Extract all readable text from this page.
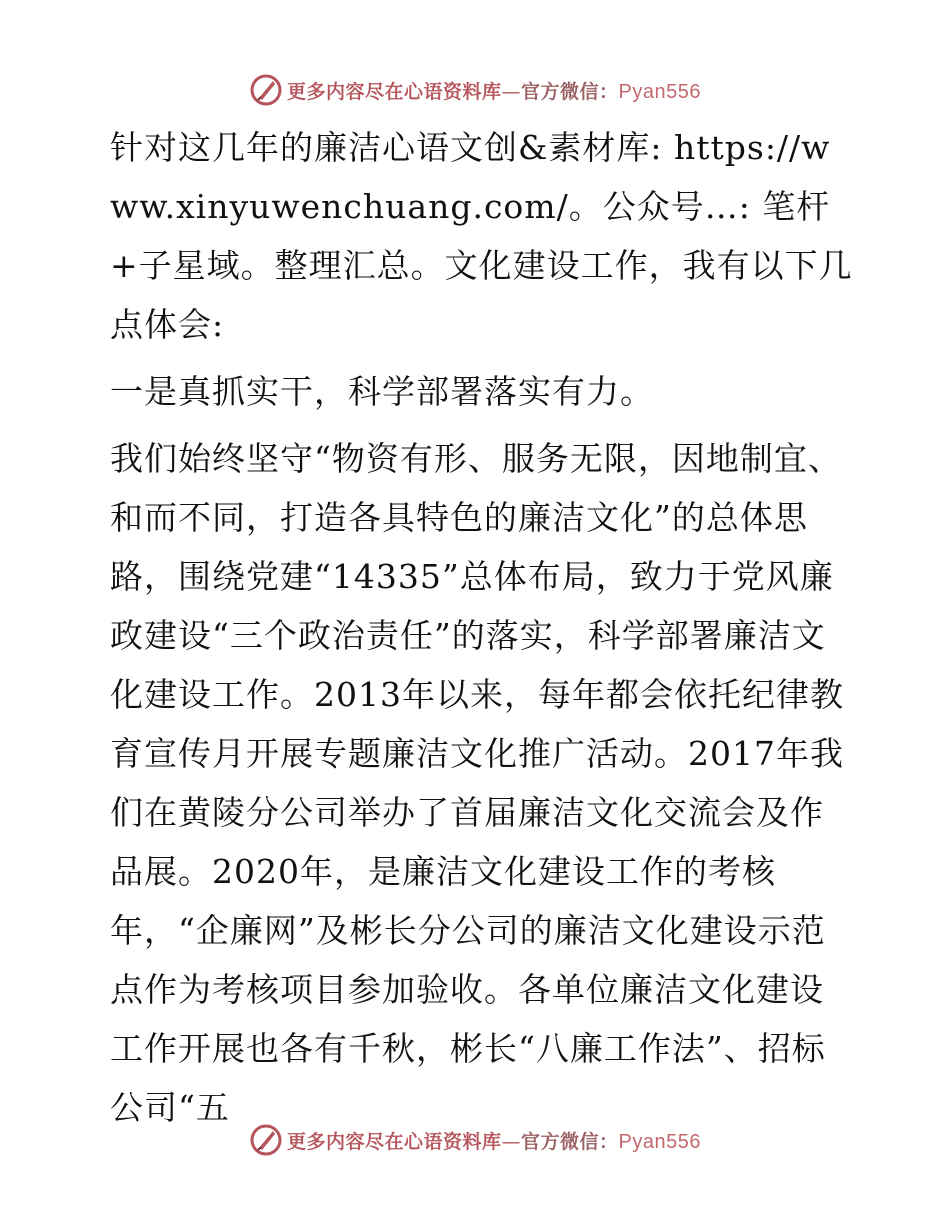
更多内容尽在心语资料库—官方微信：Pyan556

针对这几年的廉洁心语文创&素材库: https://www.xinyuwenchuang.com/。公众号…: 笔杆+子星域。整理汇总。文化建设工作，我有以下几点体会:

一是真抓实干，科学部署落实有力。

我们始终坚守“物资有形、服务无限，因地制宜、和而不同，打造各具特色的廉洁文化”的总体思路，围绕党建“14335”总体布局，致力于党风廉政建设“三个政治责任”的落实，科学部署廉洁文化建设工作。2013年以来，每年都会依托纪律教育宣传月开展专题廉洁文化推广活动。2017年我们在黄陵分公司举办了首届廉洁文化交流会及作品展。2020年，是廉洁文化建设工作的考核年，“企廉网”及彬长分公司的廉洁文化建设示范点作为考核项目参加验收。各单位廉洁文化建设工作开展也各有千秋，彬长“八廉工作法”、招标公司“五

更多内容尽在心语资料库—官方微信：Pyan556
